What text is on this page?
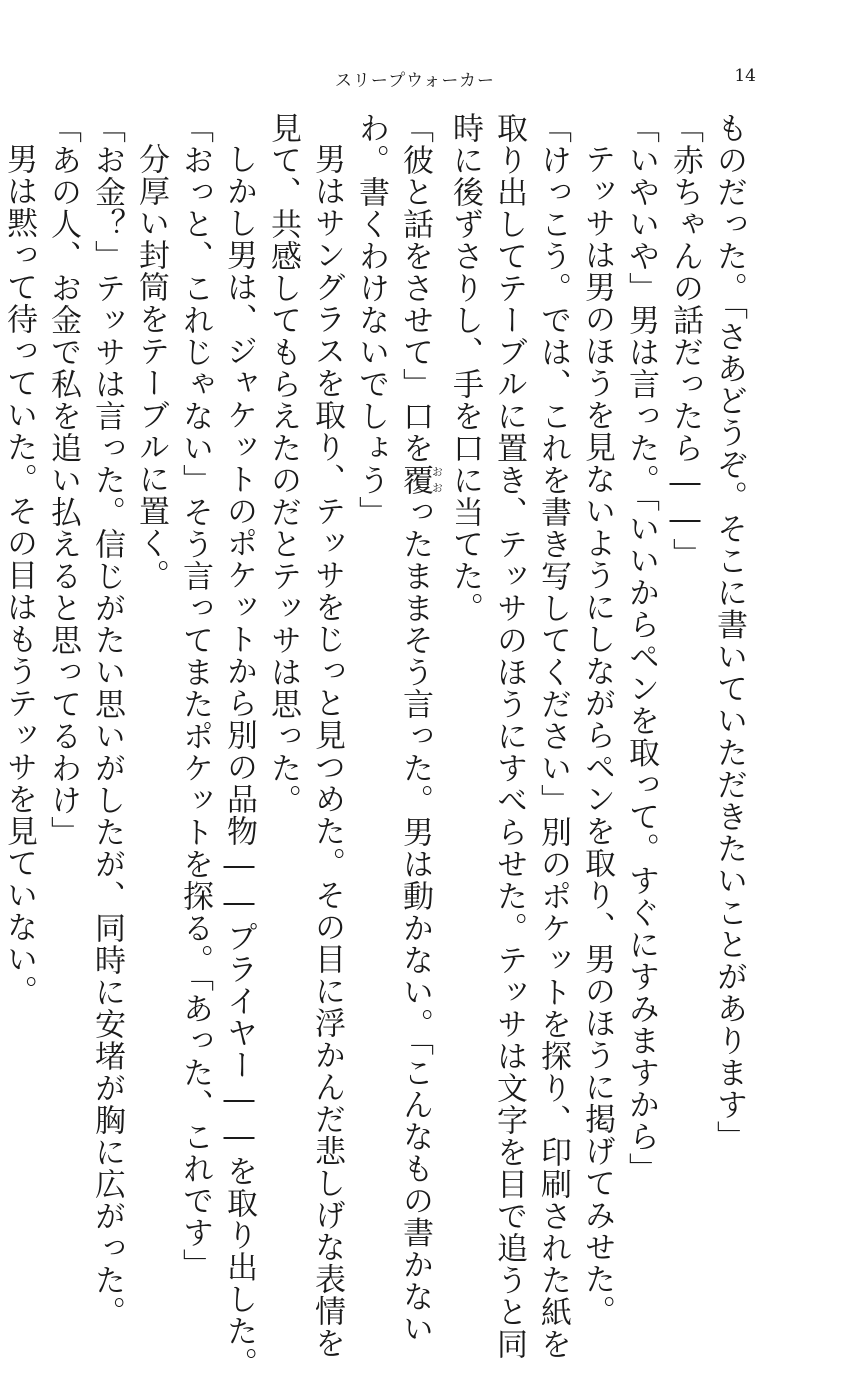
スリープウォーカー	14
ものだった。「さあどうぞ。そこに書いていただきたいことがあります」
「赤ちゃんの話だったら――」
「いやいや」男は言った。「いいからペンを取って。すぐにすみますから」
テッサは男のほうを見ないようにしながらペンを取り、男のほうに掲げてみせた。
「けっこう。では、これを書き写してください」別のポケットを探り、印刷された紙を
取り出してテーブルに置き、テッサのほうにすべらせた。テッサは文字を目で追うと同
時に後ずさりし、手を口に当てた。
「彼と話をさせて」口を覆おおったままそう言った。男は動かない。「こんなもの書かない
わ。書くわけないでしょう」
男はサングラスを取り、テッサをじっと見つめた。その目に浮かんだ悲しげな表情を
見て、共感してもらえたのだとテッサは思った。
しかし男は、ジャケットのポケットから別の品物――プライヤー――を取り出した。
「おっと、これじゃない」そう言ってまたポケットを探る。「あった、これです」
分厚い封筒をテーブルに置く。
「お金？」テッサは言った。信じがたい思いがしたが、同時に安堵が胸に広がった。
「あの人、お金で私を追い払えると思ってるわけ」
男は黙って待っていた。その目はもうテッサを見ていない。
